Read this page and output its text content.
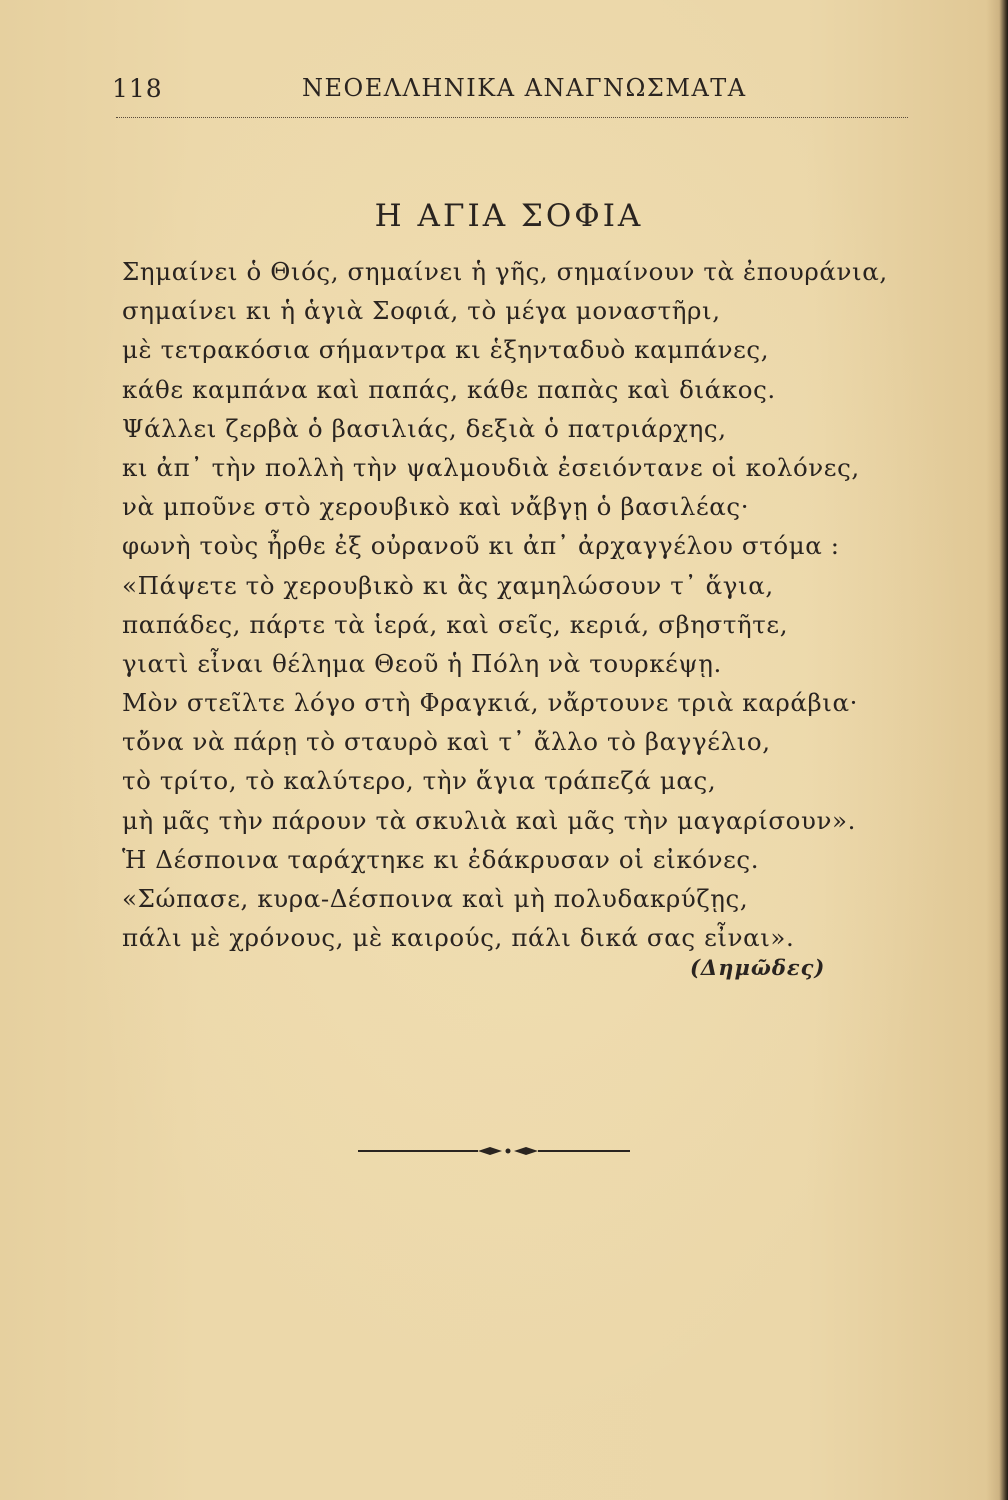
118	ΝΕΟΕΛΛΗΝΙΚΑ ΑΝΑΓΝΩΣΜΑΤΑ
Η ΑΓΙΑ ΣΟΦΙΑ
Σημαίνει ὁ Θιός, σημαίνει ἡ γῆς, σημαίνουν τὰ ἐπουράνια,
σημαίνει κι ἡ ἁγιὰ Σοφιά, τὸ μέγα μοναστῆρι,
μὲ τετρακόσια σήμαντρα κι ἑξηνταδυὸ καμπάνες,
κάθε καμπάνα καὶ παπάς, κάθε παπὰς καὶ διάκος.
Ψάλλει ζερβὰ ὁ βασιλιάς, δεξιὰ ὁ πατριάρχης,
κι ἀπ᾿ τὴν πολλὴ τὴν ψαλμουδιὰ ἐσειόντανε οἱ κολόνες,
νὰ μποῦνε στὸ χερουβικὸ καὶ νἄβγῃ ὁ βασιλέας·
φωνὴ τοὺς ἦρθε ἐξ οὐρανοῦ κι ἀπ᾿ ἀρχαγγέλου στόμα :
«Πάψετε τὸ χερουβικὸ κι ἂς χαμηλώσουν τ᾿ ἅγια,
παπάδες, πάρτε τὰ ἱερά, καὶ σεῖς, κεριά, σβηστῆτε,
γιατὶ εἶναι θέλημα Θεοῦ ἡ Πόλη νὰ τουρκέψῃ.
Μὸν στεῖλτε λόγο στὴ Φραγκιά, νἄρτουνε τριὰ καράβια·
τὄνα νὰ πάρῃ τὸ σταυρὸ καὶ τ᾿ ἄλλο τὸ βαγγέλιο,
τὸ τρίτο, τὸ καλύτερο, τὴν ἅγια τράπεζά μας,
μὴ μᾶς τὴν πάρουν τὰ σκυλιὰ καὶ μᾶς τὴν μαγαρίσουν».
Ἡ Δέσποινα ταράχτηκε κι ἐδάκρυσαν οἱ εἰκόνες.
«Σώπασε, κυρα-Δέσποινα καὶ μὴ πολυδακρύζῃς,
πάλι μὲ χρόνους, μὲ καιρούς, πάλι δικά σας εἶναι».
(Δημῶδες)
